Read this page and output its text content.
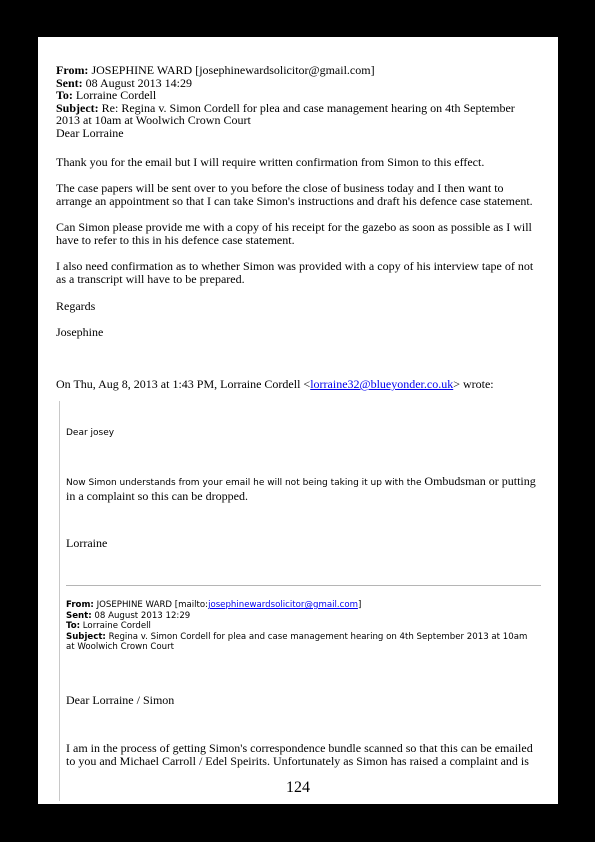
From: JOSEPHINE WARD [josephinewardsolicitor@gmail.com]
Sent: 08 August 2013 14:29
To: Lorraine Cordell
Subject: Re: Regina v. Simon Cordell for plea and case management hearing on 4th September 2013 at 10am at Woolwich Crown Court
Dear Lorraine

Thank you for the email but I will require written confirmation from Simon to this effect.

The case papers will be sent over to you before the close of business today and I then want to arrange an appointment so that I can take Simon's instructions and draft his defence case statement.

Can Simon please provide me with a copy of his receipt for the gazebo as soon as possible as I will have to refer to this in his defence case statement.

I also need confirmation as to whether Simon was provided with a copy of his interview tape of not as a transcript will have to be prepared.

Regards

Josephine

On Thu, Aug 8, 2013 at 1:43 PM, Lorraine Cordell <lorraine32@blueyonder.co.uk> wrote:

Dear josey

Now Simon understands from your email he will not being taking it up with the Ombudsman or putting in a complaint so this can be dropped.

Lorraine

From: JOSEPHINE WARD [mailto:josephinewardsolicitor@gmail.com]
Sent: 08 August 2013 12:29
To: Lorraine Cordell
Subject: Regina v. Simon Cordell for plea and case management hearing on 4th September 2013 at 10am at Woolwich Crown Court

Dear Lorraine / Simon

I am in the process of getting Simon's correspondence bundle scanned so that this can be emailed to you and Michael Carroll / Edel Speirits. Unfortunately as Simon has raised a complaint and is

124
